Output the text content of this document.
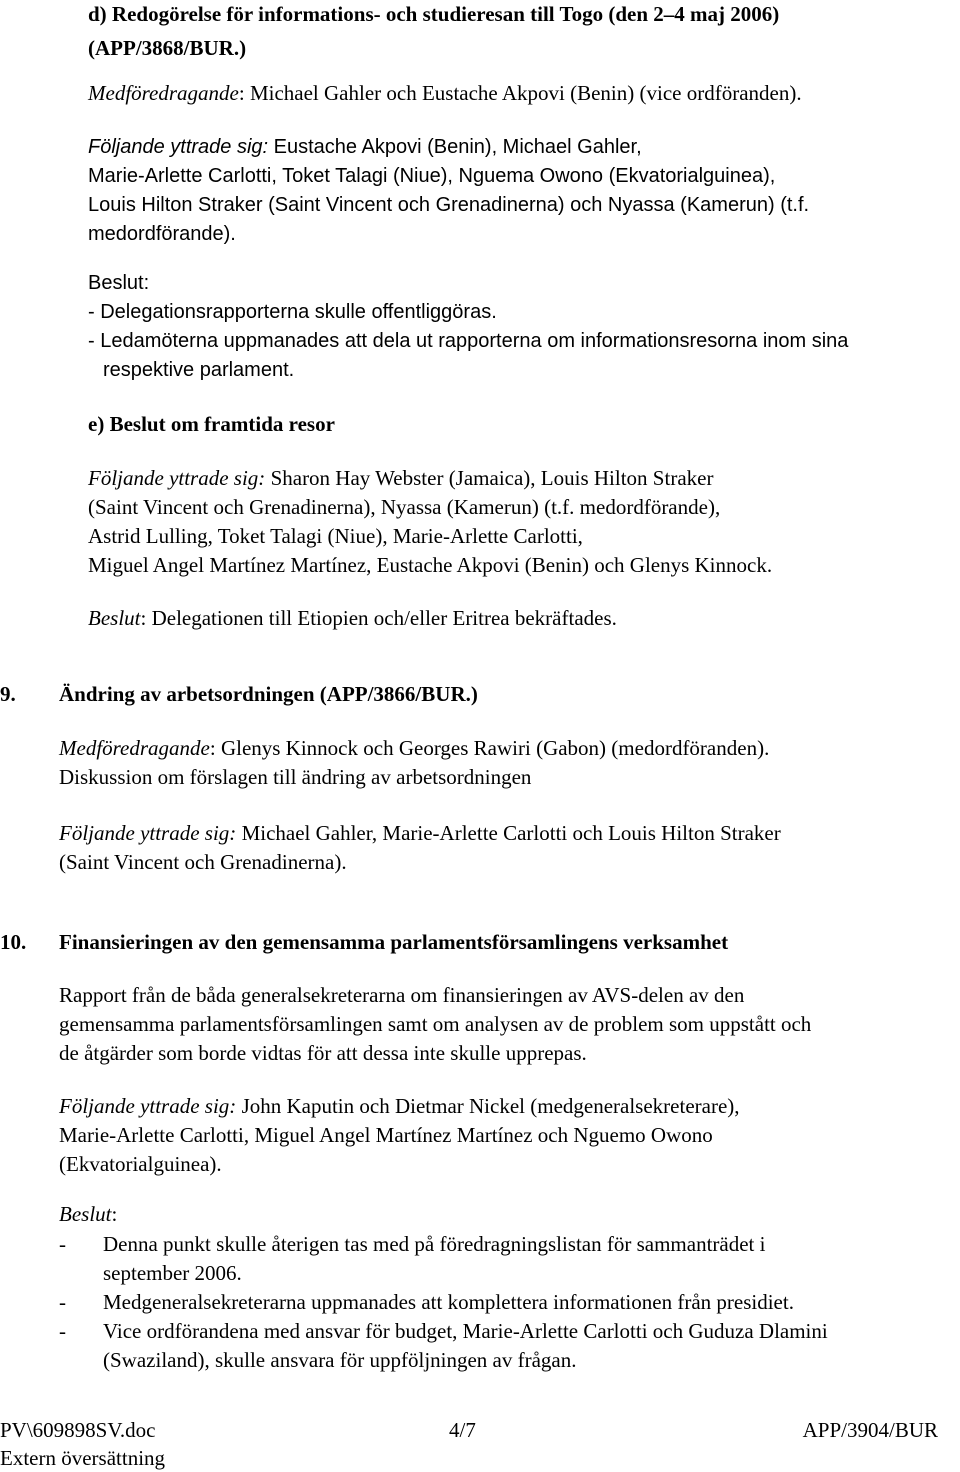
d) Redogörelse för informations- och studieresan till Togo (den 2–4 maj 2006)
(APP/3868/BUR.)
Medföredragande: Michael Gahler och Eustache Akpovi (Benin) (vice ordföranden).
Följande yttrade sig: Eustache Akpovi (Benin), Michael Gahler,
Marie-Arlette Carlotti, Toket Talagi (Niue), Nguema Owono (Ekvatorialguinea),
Louis Hilton Straker (Saint Vincent och Grenadinerna) och Nyassa (Kamerun) (t.f.
medordförande).
Beslut:
- Delegationsrapporterna skulle offentliggöras.
- Ledamöterna uppmanades att dela ut rapporterna om informationsresorna inom sina
respektive parlament.
e) Beslut om framtida resor
Följande yttrade sig: Sharon Hay Webster (Jamaica), Louis Hilton Straker
(Saint Vincent och Grenadinerna), Nyassa (Kamerun) (t.f. medordförande),
Astrid Lulling, Toket Talagi (Niue), Marie-Arlette Carlotti,
Miguel Angel Martínez Martínez, Eustache Akpovi (Benin) och Glenys Kinnock.
Beslut: Delegationen till Etiopien och/eller Eritrea bekräftades.
9. Ändring av arbetsordningen (APP/3866/BUR.)
Medföredragande: Glenys Kinnock och Georges Rawiri (Gabon) (medordföranden).
Diskussion om förslagen till ändring av arbetsordningen
Följande yttrade sig: Michael Gahler, Marie-Arlette Carlotti och Louis Hilton Straker
(Saint Vincent och Grenadinerna).
10. Finansieringen av den gemensamma parlamentsförsamlingens verksamhet
Rapport från de båda generalsekreterarna om finansieringen av AVS-delen av den
gemensamma parlamentsförsamlingen samt om analysen av de problem som uppstått och
de åtgärder som borde vidtas för att dessa inte skulle upprepas.
Följande yttrade sig: John Kaputin och Dietmar Nickel (medgeneralsekreterare),
Marie-Arlette Carlotti, Miguel Angel Martínez Martínez och Nguemo Owono
(Ekvatorialguinea).
Beslut:
- Denna punkt skulle återigen tas med på föredragningslistan för sammanträdet i
september 2006.
- Medgeneralsekreterarna uppmanades att komplettera informationen från presidiet.
- Vice ordförandena med ansvar för budget, Marie-Arlette Carlotti och Guduza Dlamini
(Swaziland), skulle ansvara för uppföljningen av frågan.
PV\609898SV.doc	4/7	APP/3904/BUR
Extern översättning
